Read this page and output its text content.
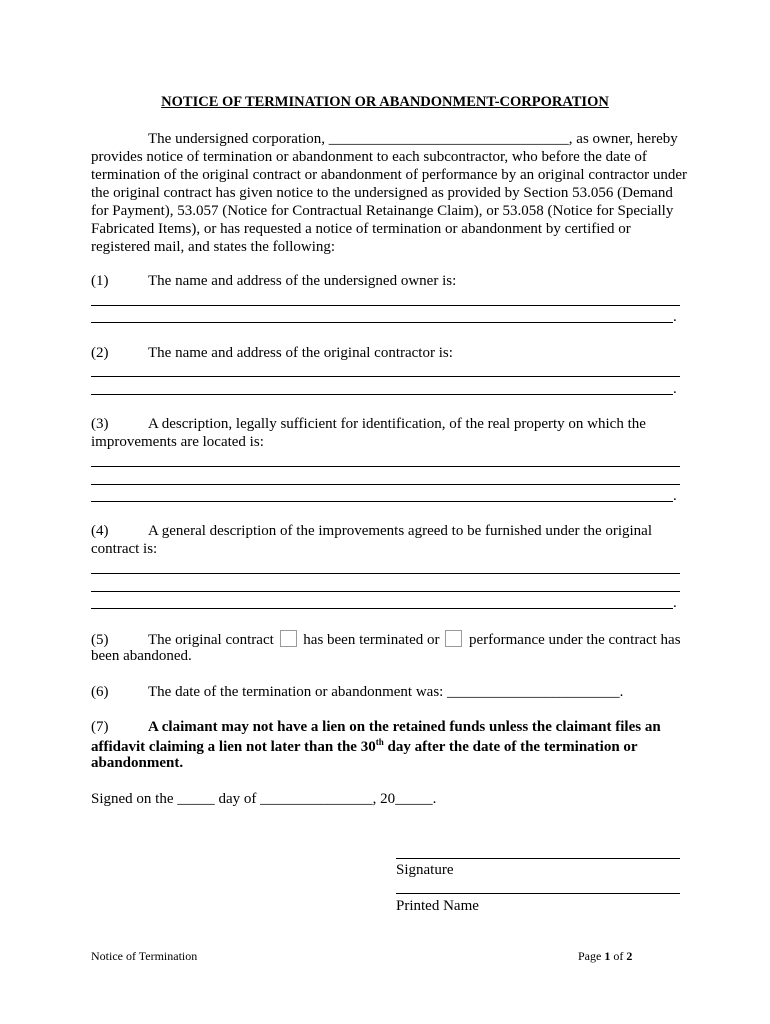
NOTICE OF TERMINATION OR ABANDONMENT-CORPORATION
The undersigned corporation, ________________________________, as owner, hereby provides notice of termination or abandonment to each subcontractor, who before the date of termination of the original contract or abandonment of performance by an original contractor under the original contract has given notice to the undersigned as provided by Section 53.056 (Demand for Payment), 53.057 (Notice for Contractual Retainange Claim), or 53.058 (Notice for Specially Fabricated Items), or has requested a notice of termination or abandonment by certified or registered mail, and states the following:
(1)	The name and address of the undersigned owner is:
.
(2)	The name and address of the original contractor is:
.
(3)	A description, legally sufficient for identification, of the real property on which the
improvements are located is:
.
(4)	A general description of the improvements agreed to be furnished under the original
contract is:
.
(5)	The original contract has been terminated or performance under the contract has
been abandoned.
(6)	The date of the termination or abandonment was: _______________________.
(7)	A claimant may not have a lien on the retained funds unless the claimant files an
affidavit claiming a lien not later than the 30th day after the date of the termination or
abandonment.
Signed on the _____ day of _______________, 20_____.
Signature
Printed Name
Notice of Termination	Page 1 of 2
